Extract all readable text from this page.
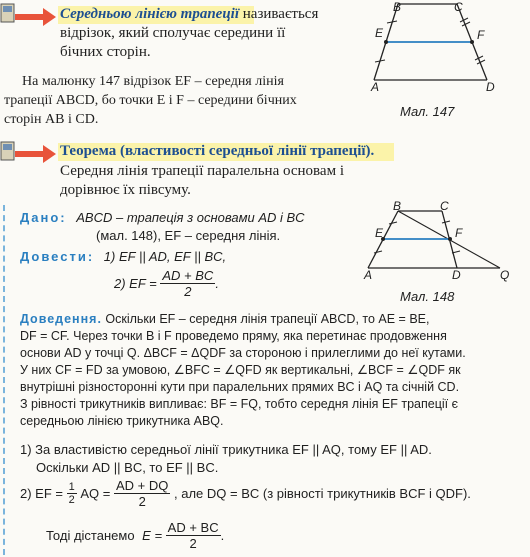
Середньою лінією трапеції називається
відрізок, який сполучає середини її
бічних сторін.
На малюнку 147 відрізок EF – середня лінія
трапеції ABCD, бо точки E і F – середини бічних
сторін AB і CD.
B	C
E	F
A	D
Мал. 147
Теорема (властивості середньої лінії трапеції).
Середня лінія трапеції паралельна основам і
дорівнює їх півсуму.
Дано: ABCD – трапеція з основами AD і BC
(мал. 148), EF – середня лінія.
Довести: 1) EF || AD, EF || BC,
2) EF = $\frac{AD + BC}{2}$ .
B	C
E	F
A	D	Q
Мал. 148
Доведення. Оскільки EF – середня лінія трапеції ABCD, то AE = BE,
DF = CF. Через точки B і F проведемо пряму, яка перетинає продовження
основи AD у точці Q. ΔBCF = ΔQDF за стороною і прилеглими до неї кутами.
У них CF = FD за умовою, ∠BFC = ∠QFD як вертикальні, ∠BCF = ∠QDF як
внутрішні різносторонні кути при паралельних прямих BC і AQ та січній CD.
З рівності трикутників випливає: BF = FQ, тобто середня лінія EF трапеції є
середньою лінією трикутника ABQ.
1) За властивістю середньої лінії трикутника EF || AQ, тому EF || AD.
Оскільки AD || BC, то EF || BC.
2) EF = $\frac{1}{2}$ AQ = $\frac{AD + DQ}{2}$ , але DQ = BC (з рівності трикутників BCF і QDF).
Тоді дістанемо $E = \frac{AD + BC}{2}$ .
